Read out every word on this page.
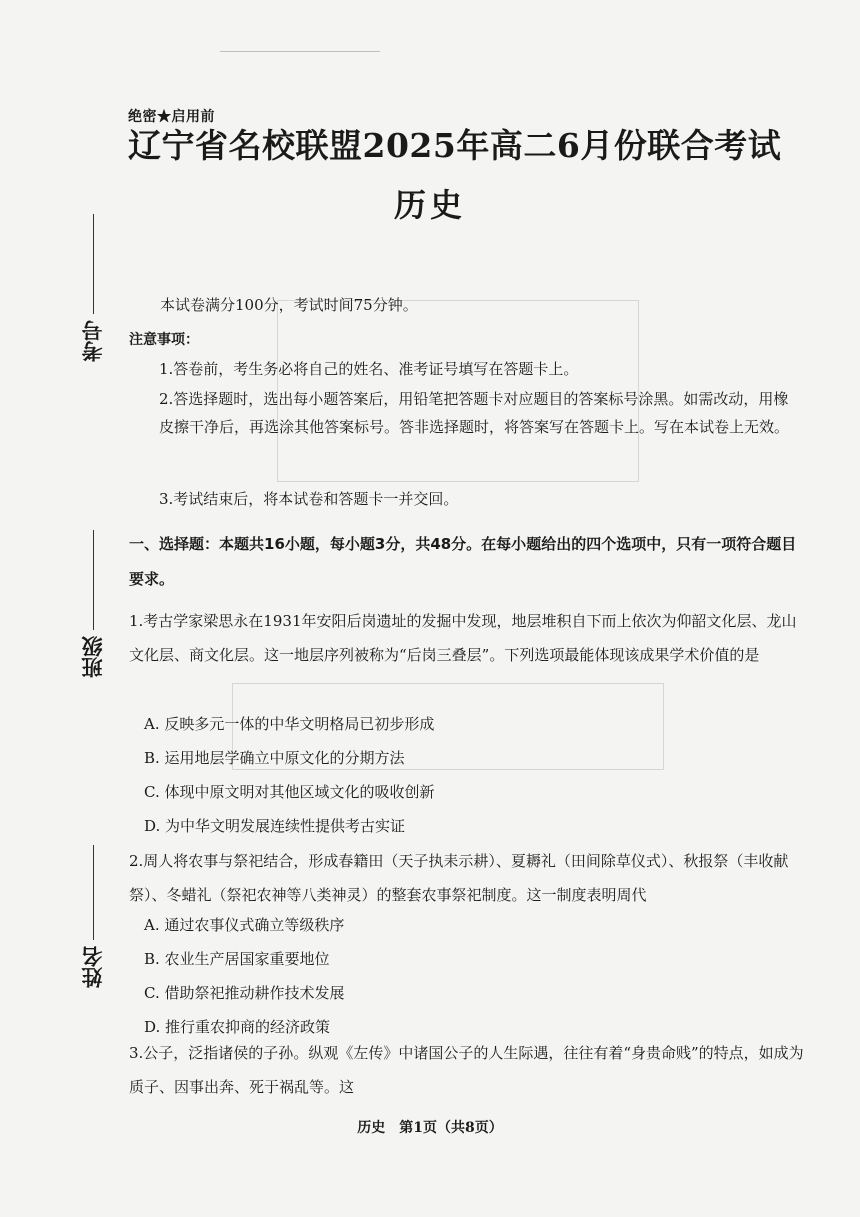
绝密★启用前
辽宁省名校联盟2025年高二6月份联合考试
历史
考号
班级
姓名
本试卷满分100分，考试时间75分钟。
注意事项：
1.答卷前，考生务必将自己的姓名、准考证号填写在答题卡上。
2.答选择题时，选出每小题答案后，用铅笔把答题卡对应题目的答案标号涂黑。如需改动，用橡皮擦干净后，再选涂其他答案标号。答非选择题时，将答案写在答题卡上。写在本试卷上无效。
3.考试结束后，将本试卷和答题卡一并交回。
一、选择题：本题共16小题，每小题3分，共48分。在每小题给出的四个选项中，只有一项符合题目要求。
1.考古学家梁思永在1931年安阳后岗遗址的发掘中发现，地层堆积自下而上依次为仰韶文化层、龙山文化层、商文化层。这一地层序列被称为“后岗三叠层”。下列选项最能体现该成果学术价值的是
A. 反映多元一体的中华文明格局已初步形成
B. 运用地层学确立中原文化的分期方法
C. 体现中原文明对其他区域文化的吸收创新
D. 为中华文明发展连续性提供考古实证
2.周人将农事与祭祀结合，形成春籍田（天子执耒示耕）、夏耨礼（田间除草仪式）、秋报祭（丰收献祭）、冬蜡礼（祭祀农神等八类神灵）的整套农事祭祀制度。这一制度表明周代
A. 通过农事仪式确立等级秩序
B. 农业生产居国家重要地位
C. 借助祭祀推动耕作技术发展
D. 推行重农抑商的经济政策
3.公子，泛指诸侯的子孙。纵观《左传》中诸国公子的人生际遇，往往有着“身贵命贱”的特点，如成为质子、因事出奔、死于祸乱等。这
历史　第1页（共8页）
